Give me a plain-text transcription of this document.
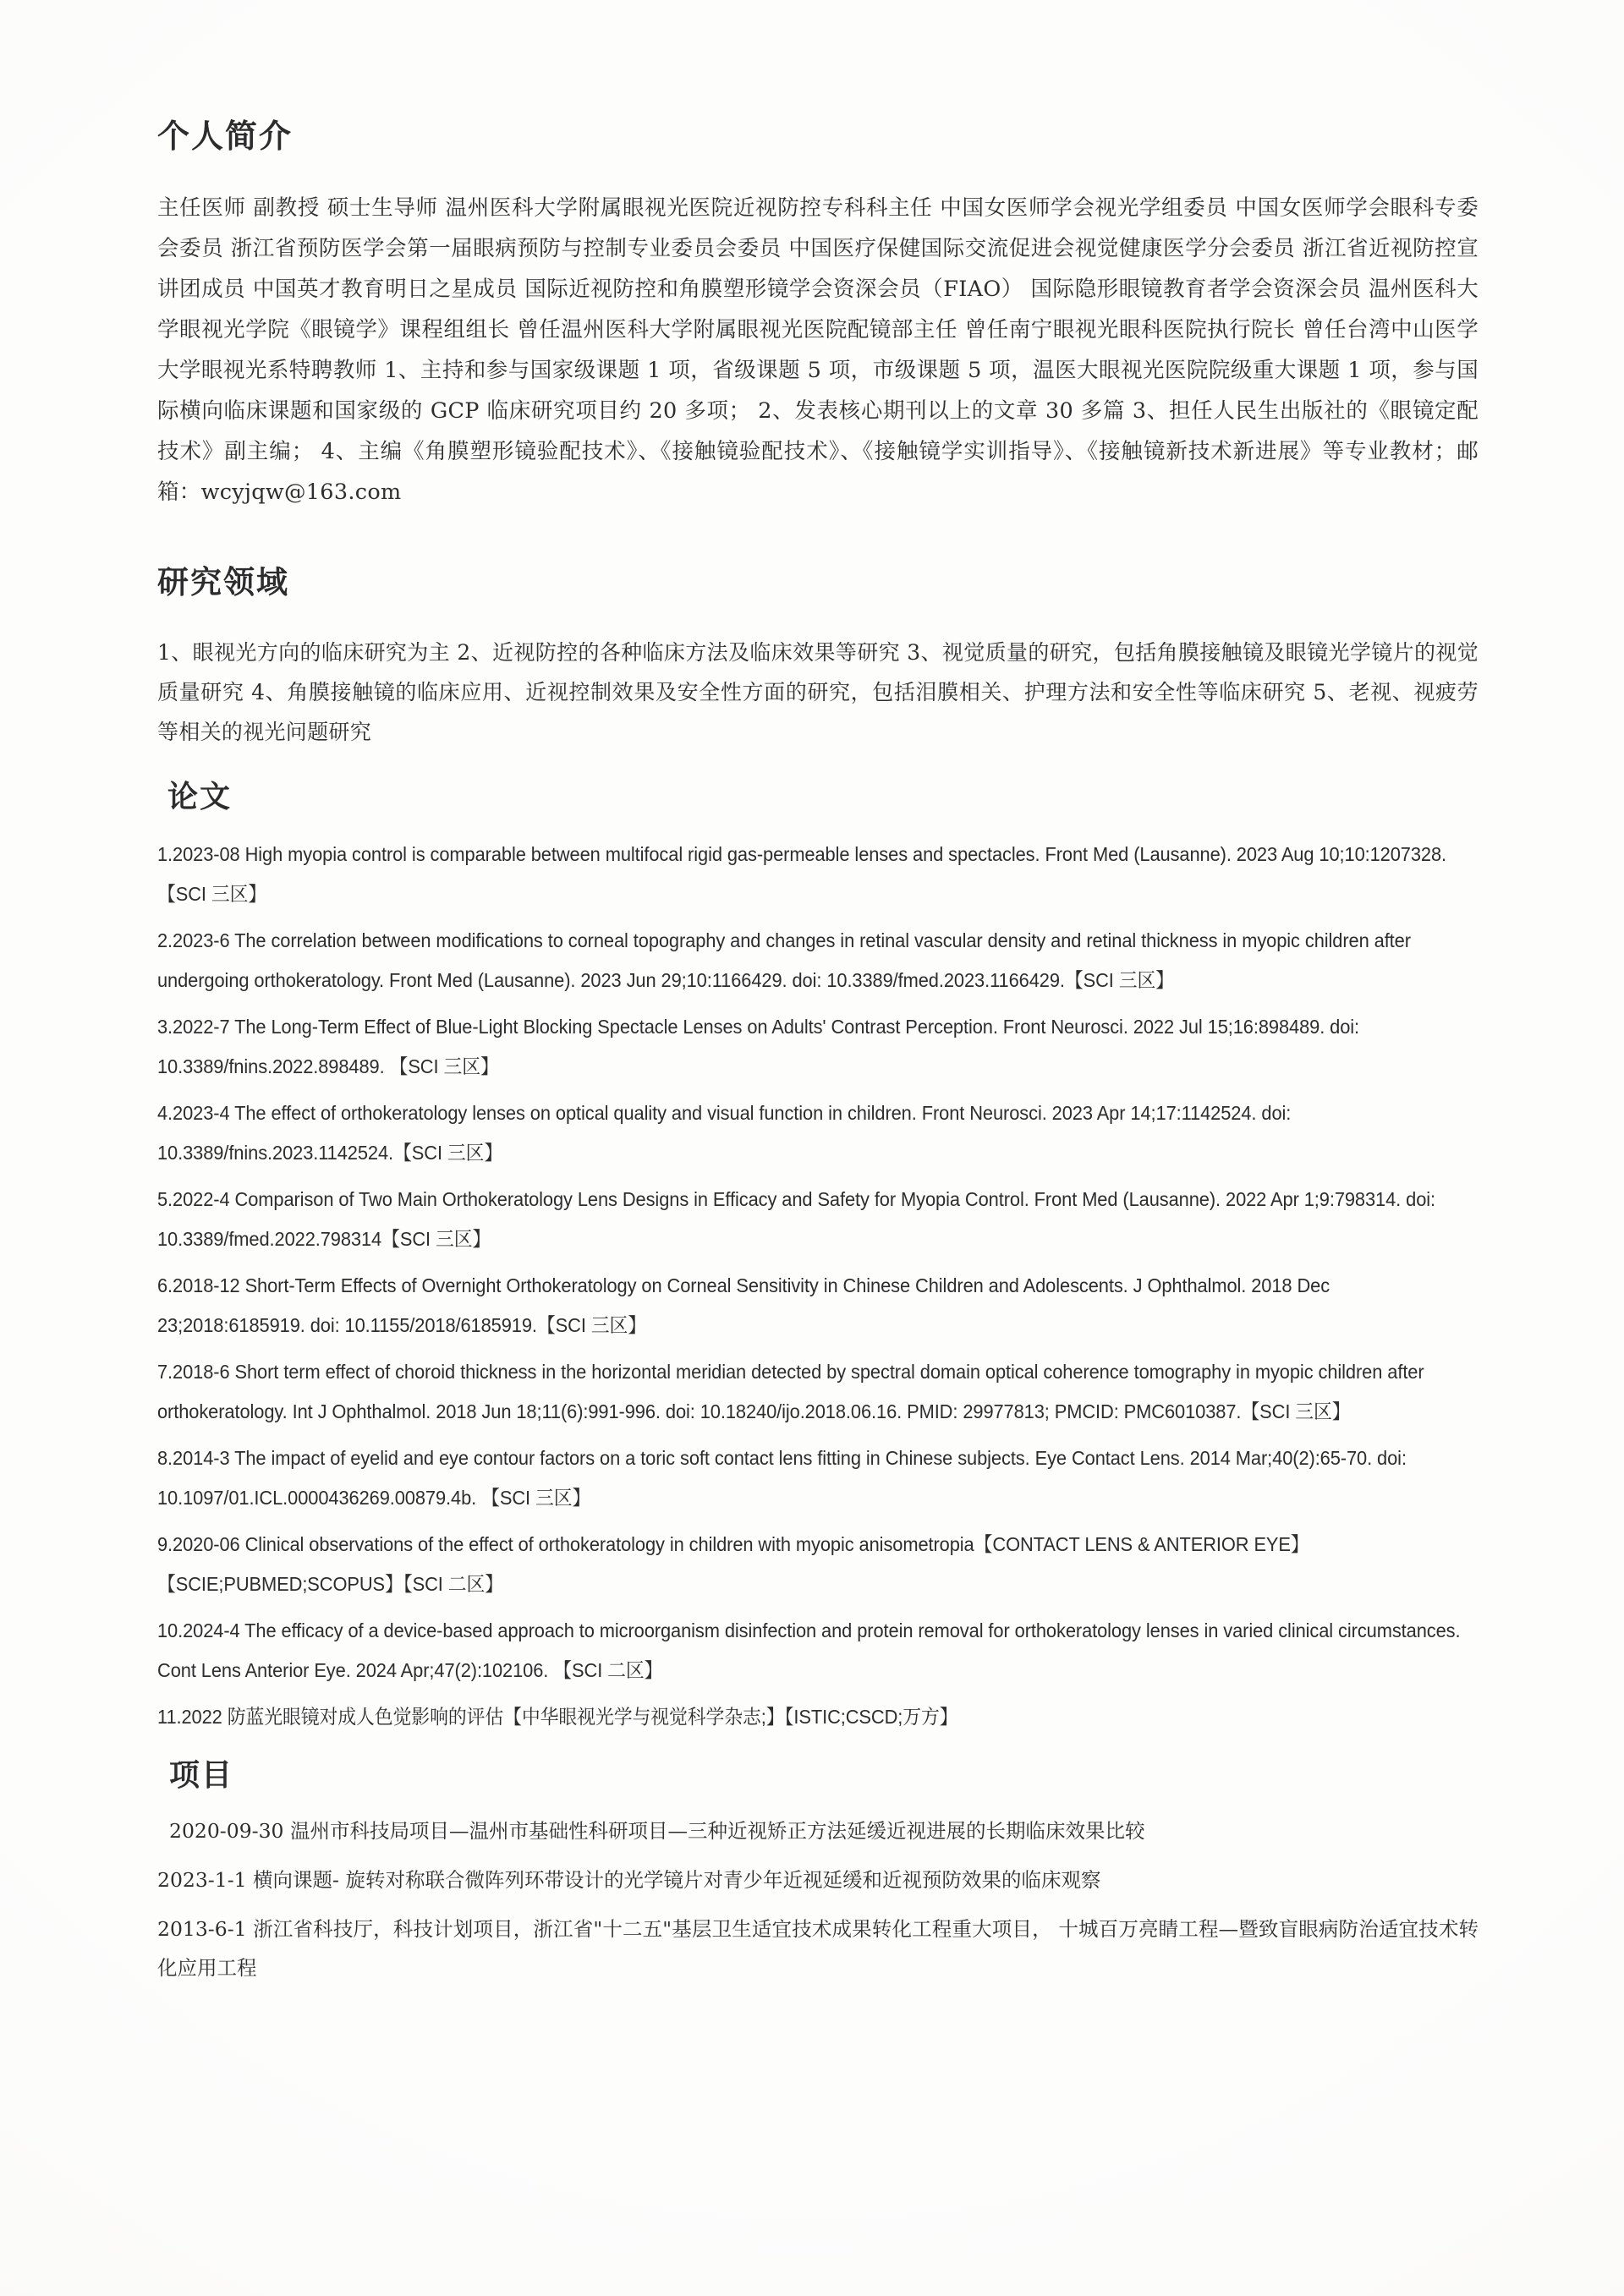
个人简介

主任医师 副教授 硕士生导师 温州医科大学附属眼视光医院近视防控专科科主任 中国女医师学会视光学组委员 中国女医师学会眼科专委会委员 浙江省预防医学会第一届眼病预防与控制专业委员会委员 中国医疗保健国际交流促进会视觉健康医学分会委员 浙江省近视防控宣讲团成员 中国英才教育明日之星成员 国际近视防控和角膜塑形镜学会资深会员（FIAO） 国际隐形眼镜教育者学会资深会员 温州医科大学眼视光学院《眼镜学》课程组组长 曾任温州医科大学附属眼视光医院配镜部主任 曾任南宁眼视光眼科医院执行院长 曾任台湾中山医学大学眼视光系特聘教师 1、主持和参与国家级课题 1 项，省级课题 5 项，市级课题 5 项，温医大眼视光医院院级重大课题 1 项，参与国际横向临床课题和国家级的 GCP 临床研究项目约 20 多项； 2、发表核心期刊以上的文章 30 多篇 3、担任人民生出版社的《眼镜定配技术》副主编； 4、主编《角膜塑形镜验配技术》、《接触镜验配技术》、《接触镜学实训指导》、《接触镜新技术新进展》等专业教材；邮箱：wcyjqw@163.com

研究领域

1、眼视光方向的临床研究为主 2、近视防控的各种临床方法及临床效果等研究 3、视觉质量的研究，包括角膜接触镜及眼镜光学镜片的视觉质量研究 4、角膜接触镜的临床应用、近视控制效果及安全性方面的研究，包括泪膜相关、护理方法和安全性等临床研究 5、老视、视疲劳等相关的视光问题研究

论文
1.2023-08 High myopia control is comparable between multifocal rigid gas-permeable lenses and spectacles. Front Med (Lausanne). 2023 Aug 10;10:1207328.【SCI 三区】
2.2023-6 The correlation between modifications to corneal topography and changes in retinal vascular density and retinal thickness in myopic children after undergoing orthokeratology. Front Med (Lausanne). 2023 Jun 29;10:1166429. doi: 10.3389/fmed.2023.1166429.【SCI 三区】
3.2022-7 The Long-Term Effect of Blue-Light Blocking Spectacle Lenses on Adults' Contrast Perception. Front Neurosci. 2022 Jul 15;16:898489. doi: 10.3389/fnins.2022.898489. 【SCI 三区】
4.2023-4 The effect of orthokeratology lenses on optical quality and visual function in children. Front Neurosci. 2023 Apr 14;17:1142524. doi: 10.3389/fnins.2023.1142524.【SCI 三区】
5.2022-4 Comparison of Two Main Orthokeratology Lens Designs in Efficacy and Safety for Myopia Control. Front Med (Lausanne). 2022 Apr 1;9:798314. doi: 10.3389/fmed.2022.798314【SCI 三区】
6.2018-12 Short-Term Effects of Overnight Orthokeratology on Corneal Sensitivity in Chinese Children and Adolescents. J Ophthalmol. 2018 Dec 23;2018:6185919. doi: 10.1155/2018/6185919.【SCI 三区】
7.2018-6 Short term effect of choroid thickness in the horizontal meridian detected by spectral domain optical coherence tomography in myopic children after orthokeratology. Int J Ophthalmol. 2018 Jun 18;11(6):991-996. doi: 10.18240/ijo.2018.06.16. PMID: 29977813; PMCID: PMC6010387.【SCI 三区】
8.2014-3 The impact of eyelid and eye contour factors on a toric soft contact lens fitting in Chinese subjects. Eye Contact Lens. 2014 Mar;40(2):65-70. doi: 10.1097/01.ICL.0000436269.00879.4b. 【SCI 三区】
9.2020-06 Clinical observations of the effect of orthokeratology in children with myopic anisometropia【CONTACT LENS & ANTERIOR EYE】【SCIE;PUBMED;SCOPUS】【SCI 二区】
10.2024-4 The efficacy of a device-based approach to microorganism disinfection and protein removal for orthokeratology lenses in varied clinical circumstances. Cont Lens Anterior Eye. 2024 Apr;47(2):102106. 【SCI 二区】
11.2022 防蓝光眼镜对成人色觉影响的评估【中华眼视光学与视觉科学杂志;】【ISTIC;CSCD;万方】
项目
2020-09-30 温州市科技局项目—温州市基础性科研项目—三种近视矫正方法延缓近视进展的长期临床效果比较
2023-1-1 横向课题- 旋转对称联合微阵列环带设计的光学镜片对青少年近视延缓和近视预防效果的临床观察
2013-6-1 浙江省科技厅，科技计划项目，浙江省"十二五"基层卫生适宜技术成果转化工程重大项目， 十城百万亮睛工程—暨致盲眼病防治适宜技术转化应用工程
